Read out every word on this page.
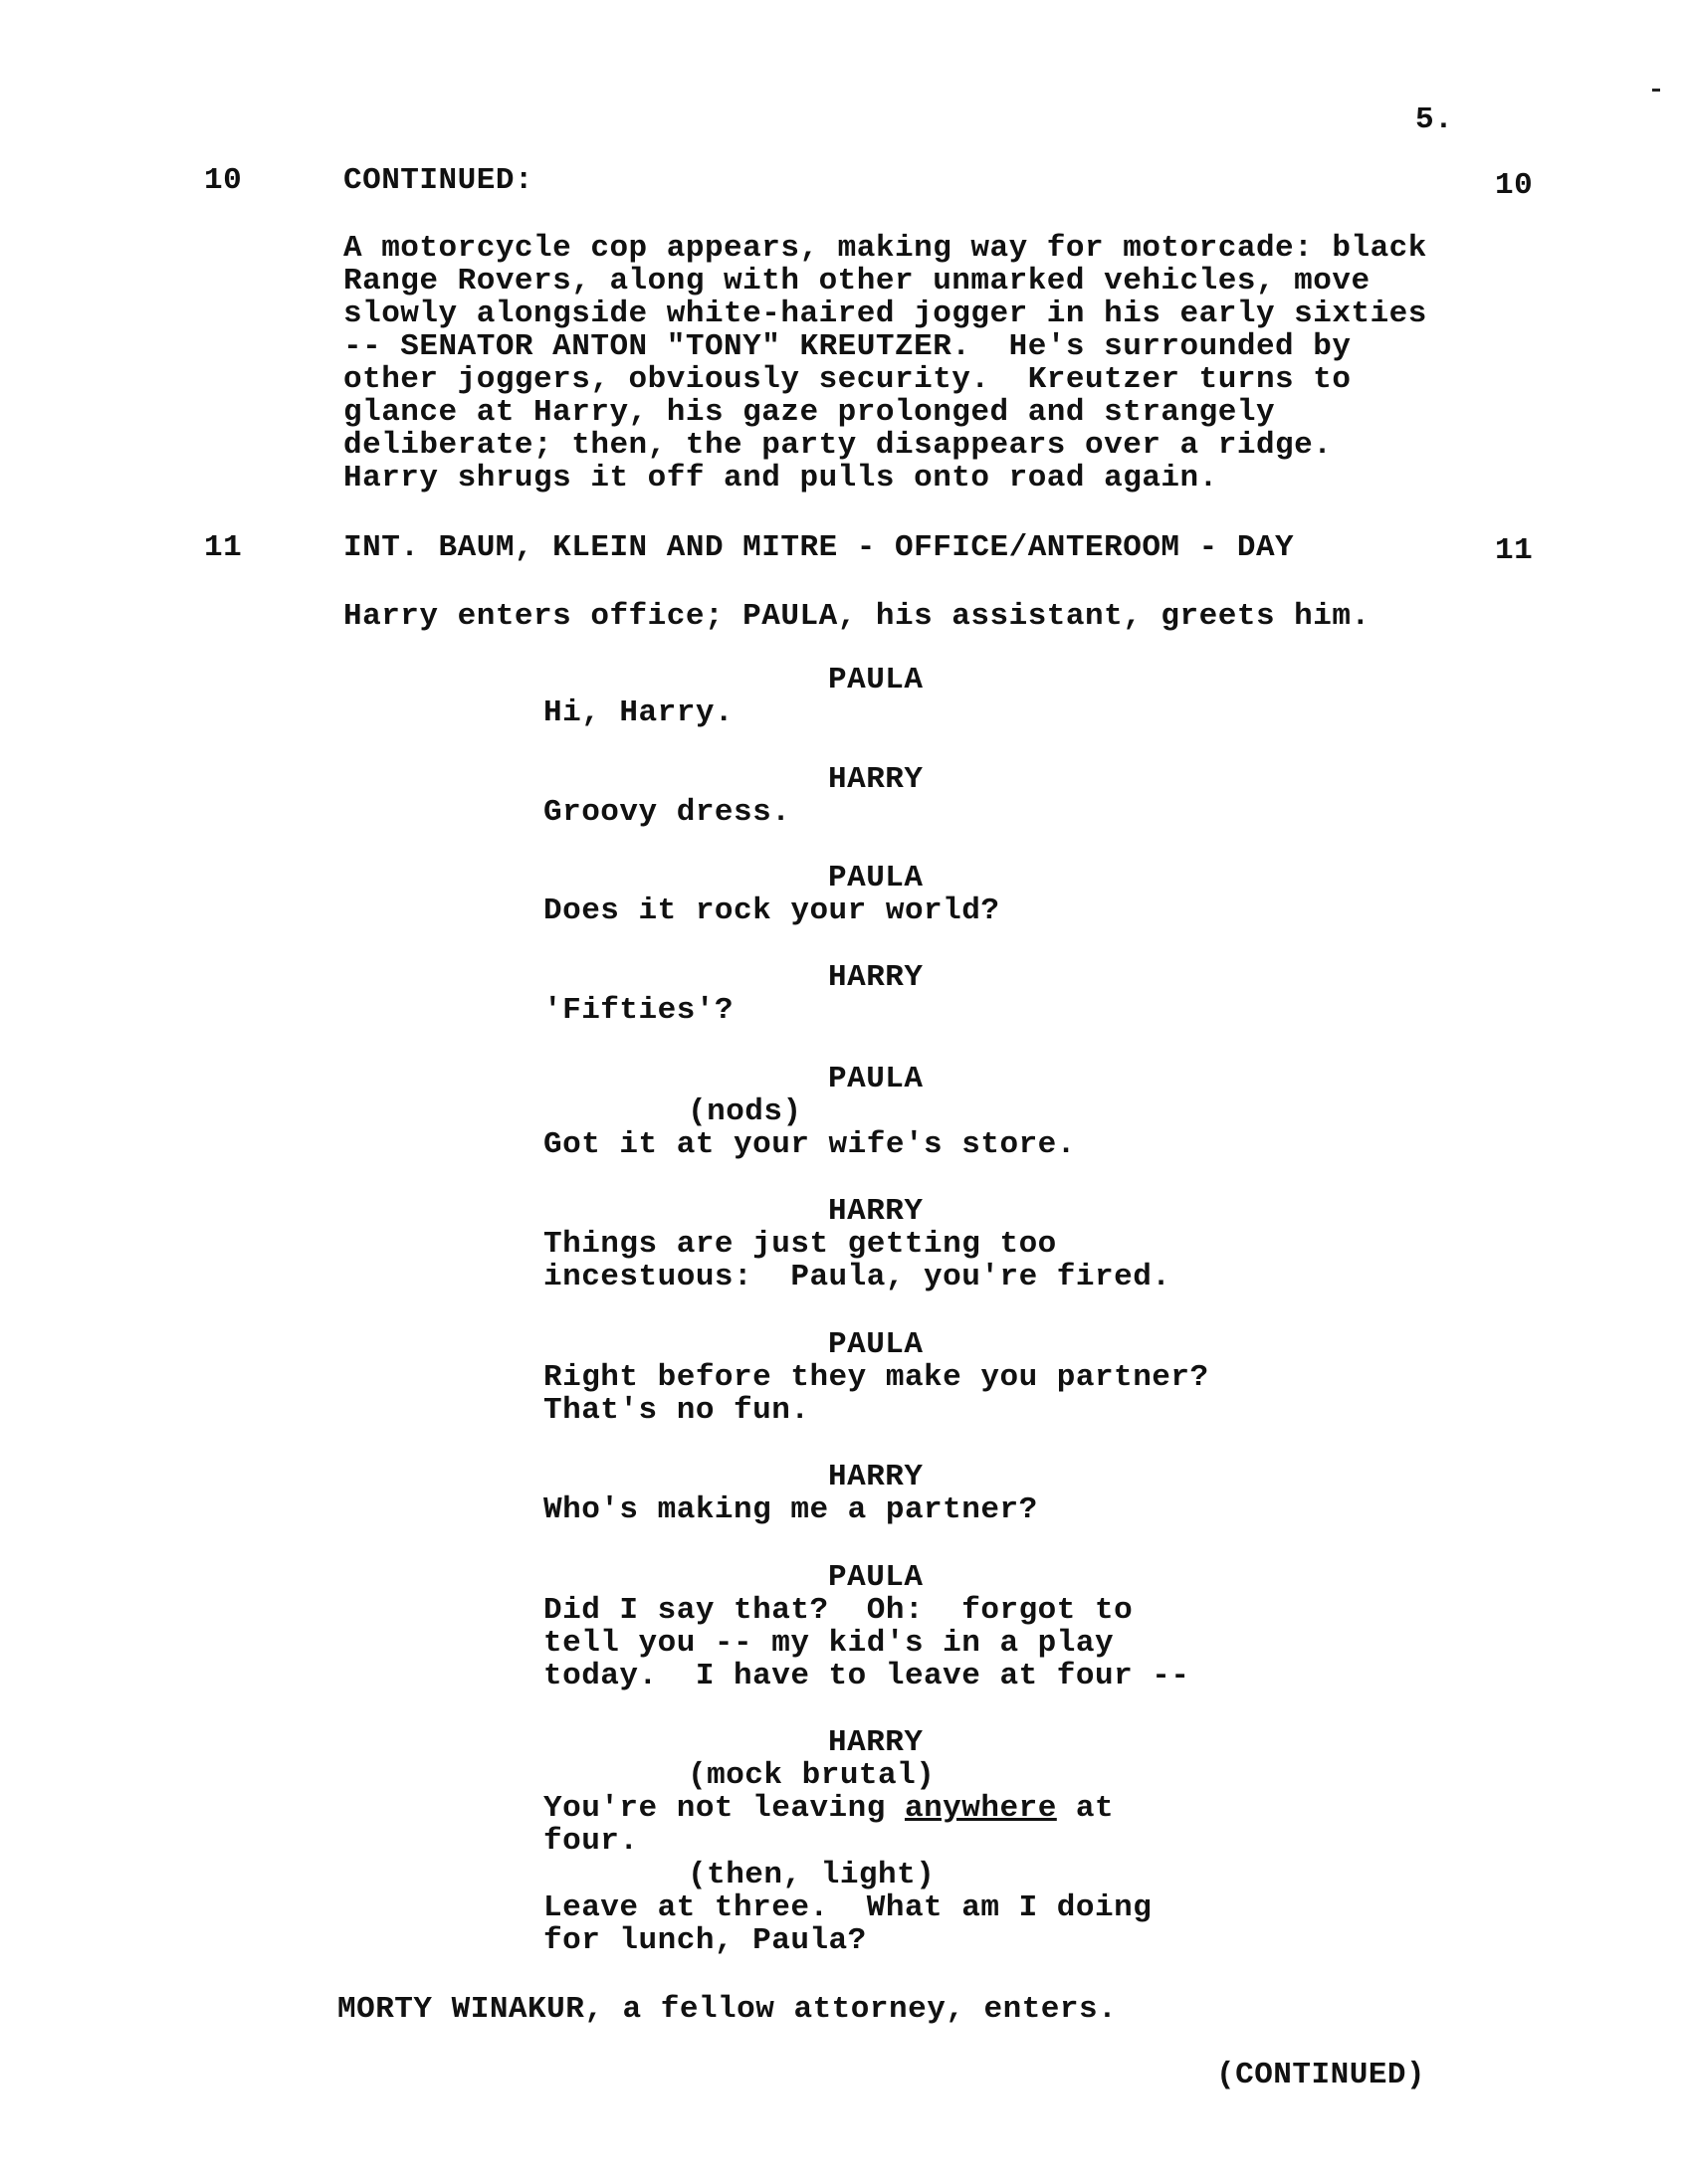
5.
10	CONTINUED:	10
A motorcycle cop appears, making way for motorcade: black
Range Rovers, along with other unmarked vehicles, move
slowly alongside white-haired jogger in his early sixties
-- SENATOR ANTON "TONY" KREUTZER.  He's surrounded by
other joggers, obviously security.  Kreutzer turns to
glance at Harry, his gaze prolonged and strangely
deliberate; then, the party disappears over a ridge.
Harry shrugs it off and pulls onto road again.
11	INT. BAUM, KLEIN AND MITRE - OFFICE/ANTEROOM - DAY	11
Harry enters office; PAULA, his assistant, greets him.
PAULA
Hi, Harry.
HARRY
Groovy dress.
PAULA
Does it rock your world?
HARRY
'Fifties'?
PAULA
(nods)
Got it at your wife's store.
HARRY
Things are just getting too
incestuous:  Paula, you're fired.
PAULA
Right before they make you partner?
That's no fun.
HARRY
Who's making me a partner?
PAULA
Did I say that?  Oh:  forgot to
tell you -- my kid's in a play
today.  I have to leave at four --
HARRY
(mock brutal)
You're not leaving anywhere at
four.
(then, light)
Leave at three.  What am I doing
for lunch, Paula?
MORTY WINAKUR, a fellow attorney, enters.
(CONTINUED)
